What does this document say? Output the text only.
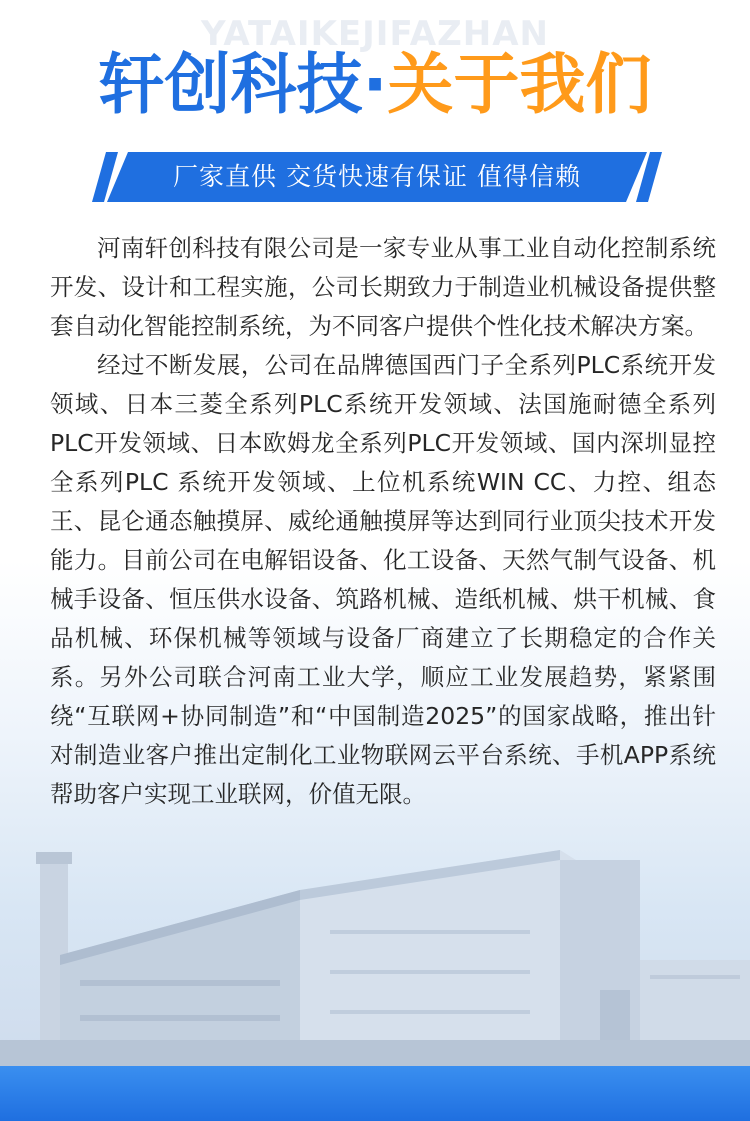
YATAIKEJIFAZHAN
轩创科技·关于我们
厂家直供 交货快速有保证 值得信赖

河南轩创科技有限公司是一家专业从事工业自动化控制系统开发、设计和工程实施，公司长期致力于制造业机械设备提供整套自动化智能控制系统，为不同客户提供个性化技术解决方案。

经过不断发展，公司在品牌德国西门子全系列PLC系统开发领域、日本三菱全系列PLC系统开发领域、法国施耐德全系列PLC开发领域、日本欧姆龙全系列PLC开发领域、国内深圳显控全系列PLC 系统开发领域、上位机系统WIN CC、力控、组态王、昆仑通态触摸屏、威纶通触摸屏等达到同行业顶尖技术开发能力。目前公司在电解铝设备、化工设备、天然气制气设备、机械手设备、恒压供水设备、筑路机械、造纸机械、烘干机械、食品机械、环保机械等领域与设备厂商建立了长期稳定的合作关系。另外公司联合河南工业大学，顺应工业发展趋势，紧紧围绕“互联网+协同制造”和“中国制造2025”的国家战略，推出针对制造业客户推出定制化工业物联网云平台系统、手机APP系统 帮助客户实现工业联网，价值无限。
